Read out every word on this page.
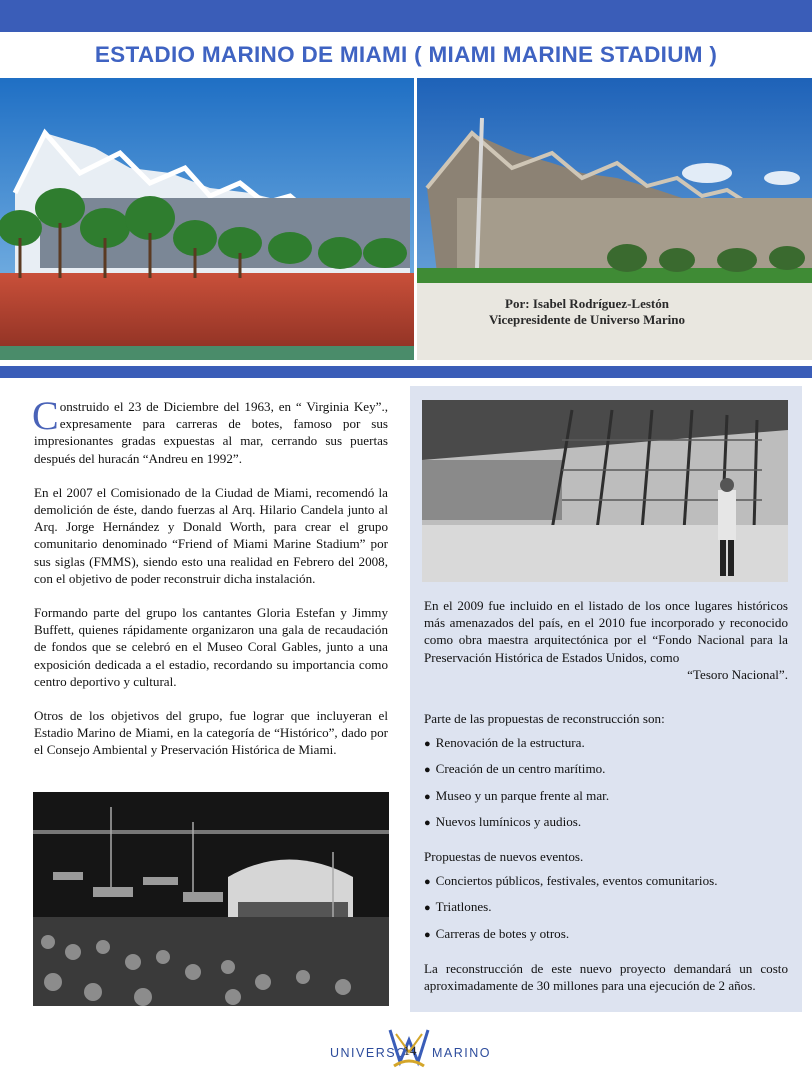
ESTADIO MARINO DE MIAMI ( MIAMI MARINE STADIUM )
Por: Isabel Rodríguez-Lestón
Vicepresidente de Universo Marino

Construido el 23 de Diciembre del 1963, en “ Virginia Key”., expresamente para carreras de botes, famoso por sus impresionantes gradas expuestas al mar, cerrando sus puertas después del huracán “Andreu en 1992”.

En el 2007 el Comisionado de la Ciudad de Miami, recomendó la demolición de éste, dando fuerzas al Arq. Hilario Candela junto al Arq. Jorge Hernández y Donald Worth, para crear el grupo comunitario denominado “Friend of Miami Marine Stadium” por sus siglas (FMMS), siendo esto una realidad en Febrero del 2008, con el objetivo de poder reconstruir dicha instalación.

Formando parte del grupo los cantantes Gloria Estefan y Jimmy Buffett, quienes rápidamente organizaron una gala de recaudación de fondos que se celebró en el Museo Coral Gables, junto a una exposición dedicada a el estadio, recordando su importancia como centro deportivo y cultural.

Otros de los objetivos del grupo, fue lograr que incluyeran el Estadio Marino de Miami, en la categoría de “Histórico”, dado por el Consejo Ambiental y Preservación Histórica de Miami.

En el 2009 fue incluido en el listado de los once lugares históricos más amenazados del país, en el 2010 fue incorporado y reconocido como obra maestra arquitectónica por el “Fondo Nacional para la Preservación Histórica de Estados Unidos, como

“Tesoro Nacional”.

Parte de las propuestas de reconstrucción son:
● Renovación de la estructura.
● Creación de un centro marítimo.
● Museo y un parque frente al mar.
● Nuevos lumínicos y audios.
Propuestas de nuevos eventos.
● Conciertos públicos, festivales, eventos comunitarios.
● Triatlones.
● Carreras de botes y otros.
La reconstrucción de este nuevo proyecto demandará un costo aproximadamente de 30 millones para una ejecución de 2 años.
UNIVERSO
14 MARINO
